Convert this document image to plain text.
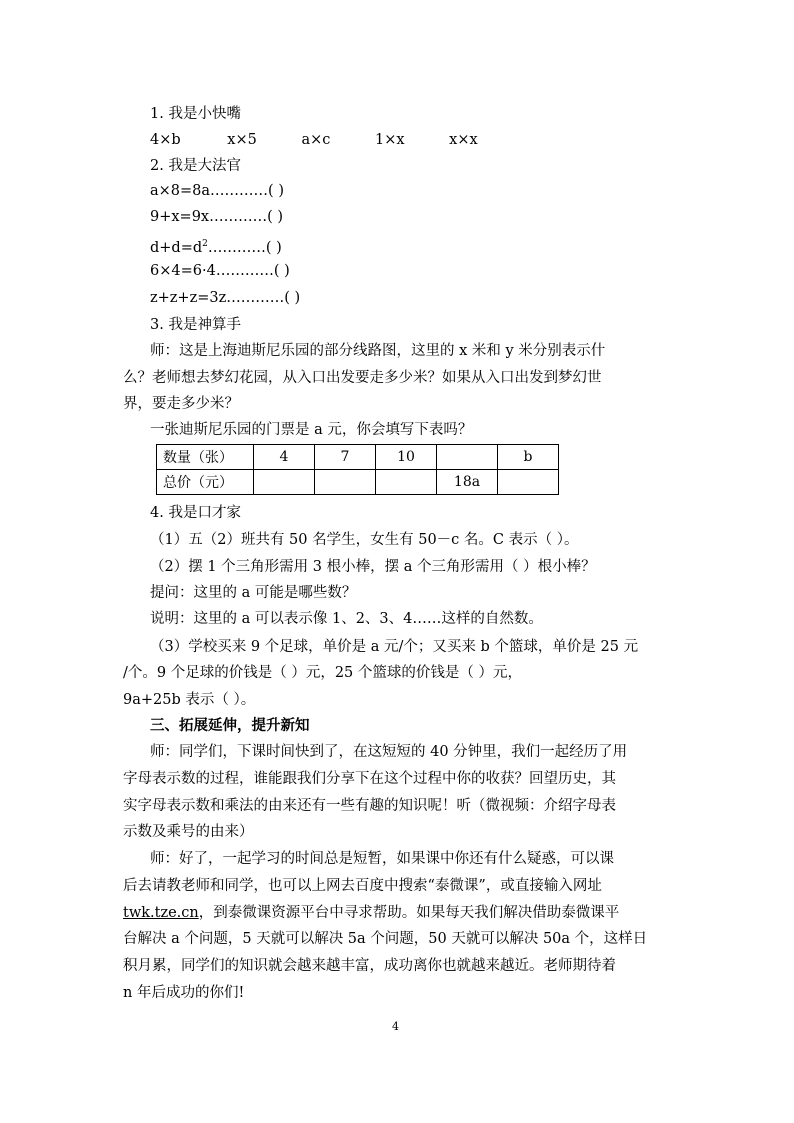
1. 我是小快嘴
4×b	x×5	a×c	1×x	x×x
2. 我是大法官
a×8=8a…………( )
9+x=9x…………( )
$d+d=d^2\dots\dots\dots\dots$( )
6×4=6·4…………( )
z+z+z=3z…………( )
3. 我是神算手
师：这是上海迪斯尼乐园的部分线路图，这里的 x 米和 y 米分别表示什
么？老师想去梦幻花园，从入口出发要走多少米？如果从入口出发到梦幻世
界，要走多少米？
一张迪斯尼乐园的门票是 a 元，你会填写下表吗？
数量（张）	4	7	10		b
总价（元）				18a	
4. 我是口才家
（1）五（2）班共有 50 名学生，女生有 50－c 名。C 表示（ ）。
（2）摆 1 个三角形需用 3 根小棒，摆 a 个三角形需用（ ）根小棒？
提问：这里的 a 可能是哪些数？
说明：这里的 a 可以表示像 1、2、3、4……这样的自然数。
（3）学校买来 9 个足球，单价是 a 元/个；又买来 b 个篮球，单价是 25 元
/个。9 个足球的价钱是（ ）元，25 个篮球的价钱是（ ）元，
9a+25b 表示（ ）。
三、拓展延伸，提升新知
师：同学们，下课时间快到了，在这短短的 40 分钟里，我们一起经历了用
字母表示数的过程，谁能跟我们分享下在这个过程中你的收获？回望历史，其
实字母表示数和乘法的由来还有一些有趣的知识呢！听（微视频：介绍字母表
示数及乘号的由来）
师：好了，一起学习的时间总是短暂，如果课中你还有什么疑惑，可以课
后去请教老师和同学，也可以上网去百度中搜索“泰微课”，或直接输入网址
twk.tze.cn，到泰微课资源平台中寻求帮助。如果每天我们解决借助泰微课平
台解决 a 个问题，5 天就可以解决 5a 个问题，50 天就可以解决 50a 个，这样日
积月累，同学们的知识就会越来越丰富，成功离你也就越来越近。老师期待着
n 年后成功的你们!
4
